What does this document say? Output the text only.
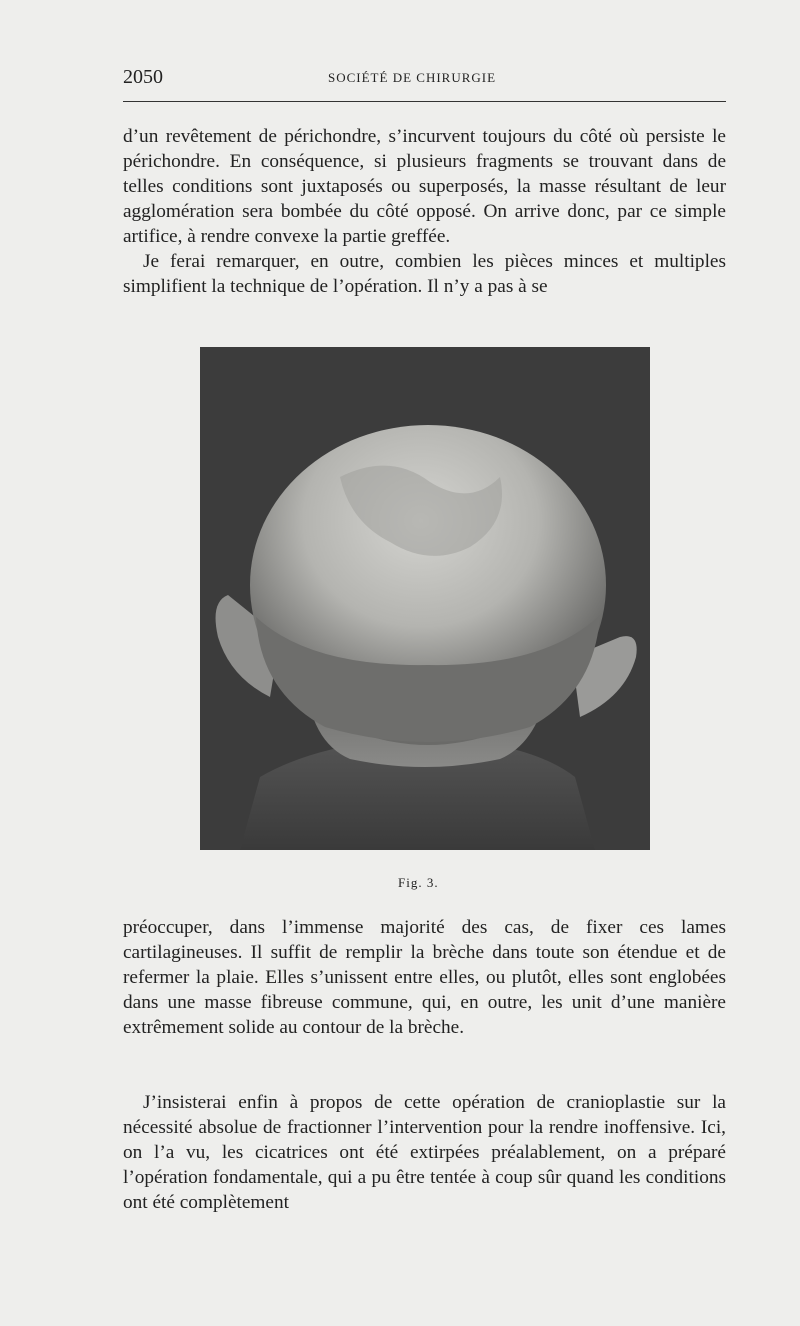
2050	SOCIÉTÉ DE CHIRURGIE

d’un revêtement de périchondre, s’incurvent toujours du côté où persiste le périchondre. En conséquence, si plusieurs fragments se trouvant dans de telles conditions sont juxtaposés ou superposés, la masse résultant de leur agglomération sera bombée du côté opposé. On arrive donc, par ce simple artifice, à rendre convexe la partie greffée.

Je ferai remarquer, en outre, combien les pièces minces et multiples simplifient la technique de l’opération. Il n’y a pas à se

Fig. 3.

préoccuper, dans l’immense majorité des cas, de fixer ces lames cartilagineuses. Il suffit de remplir la brèche dans toute son étendue et de refermer la plaie. Elles s’unissent entre elles, ou plutôt, elles sont englobées dans une masse fibreuse commune, qui, en outre, les unit d’une manière extrêmement solide au contour de la brèche.

J’insisterai enfin à propos de cette opération de cranioplastie sur la nécessité absolue de fractionner l’intervention pour la rendre inoffensive. Ici, on l’a vu, les cicatrices ont été extirpées préalablement, on a préparé l’opération fondamentale, qui a pu être tentée à coup sûr quand les conditions ont été complètement
